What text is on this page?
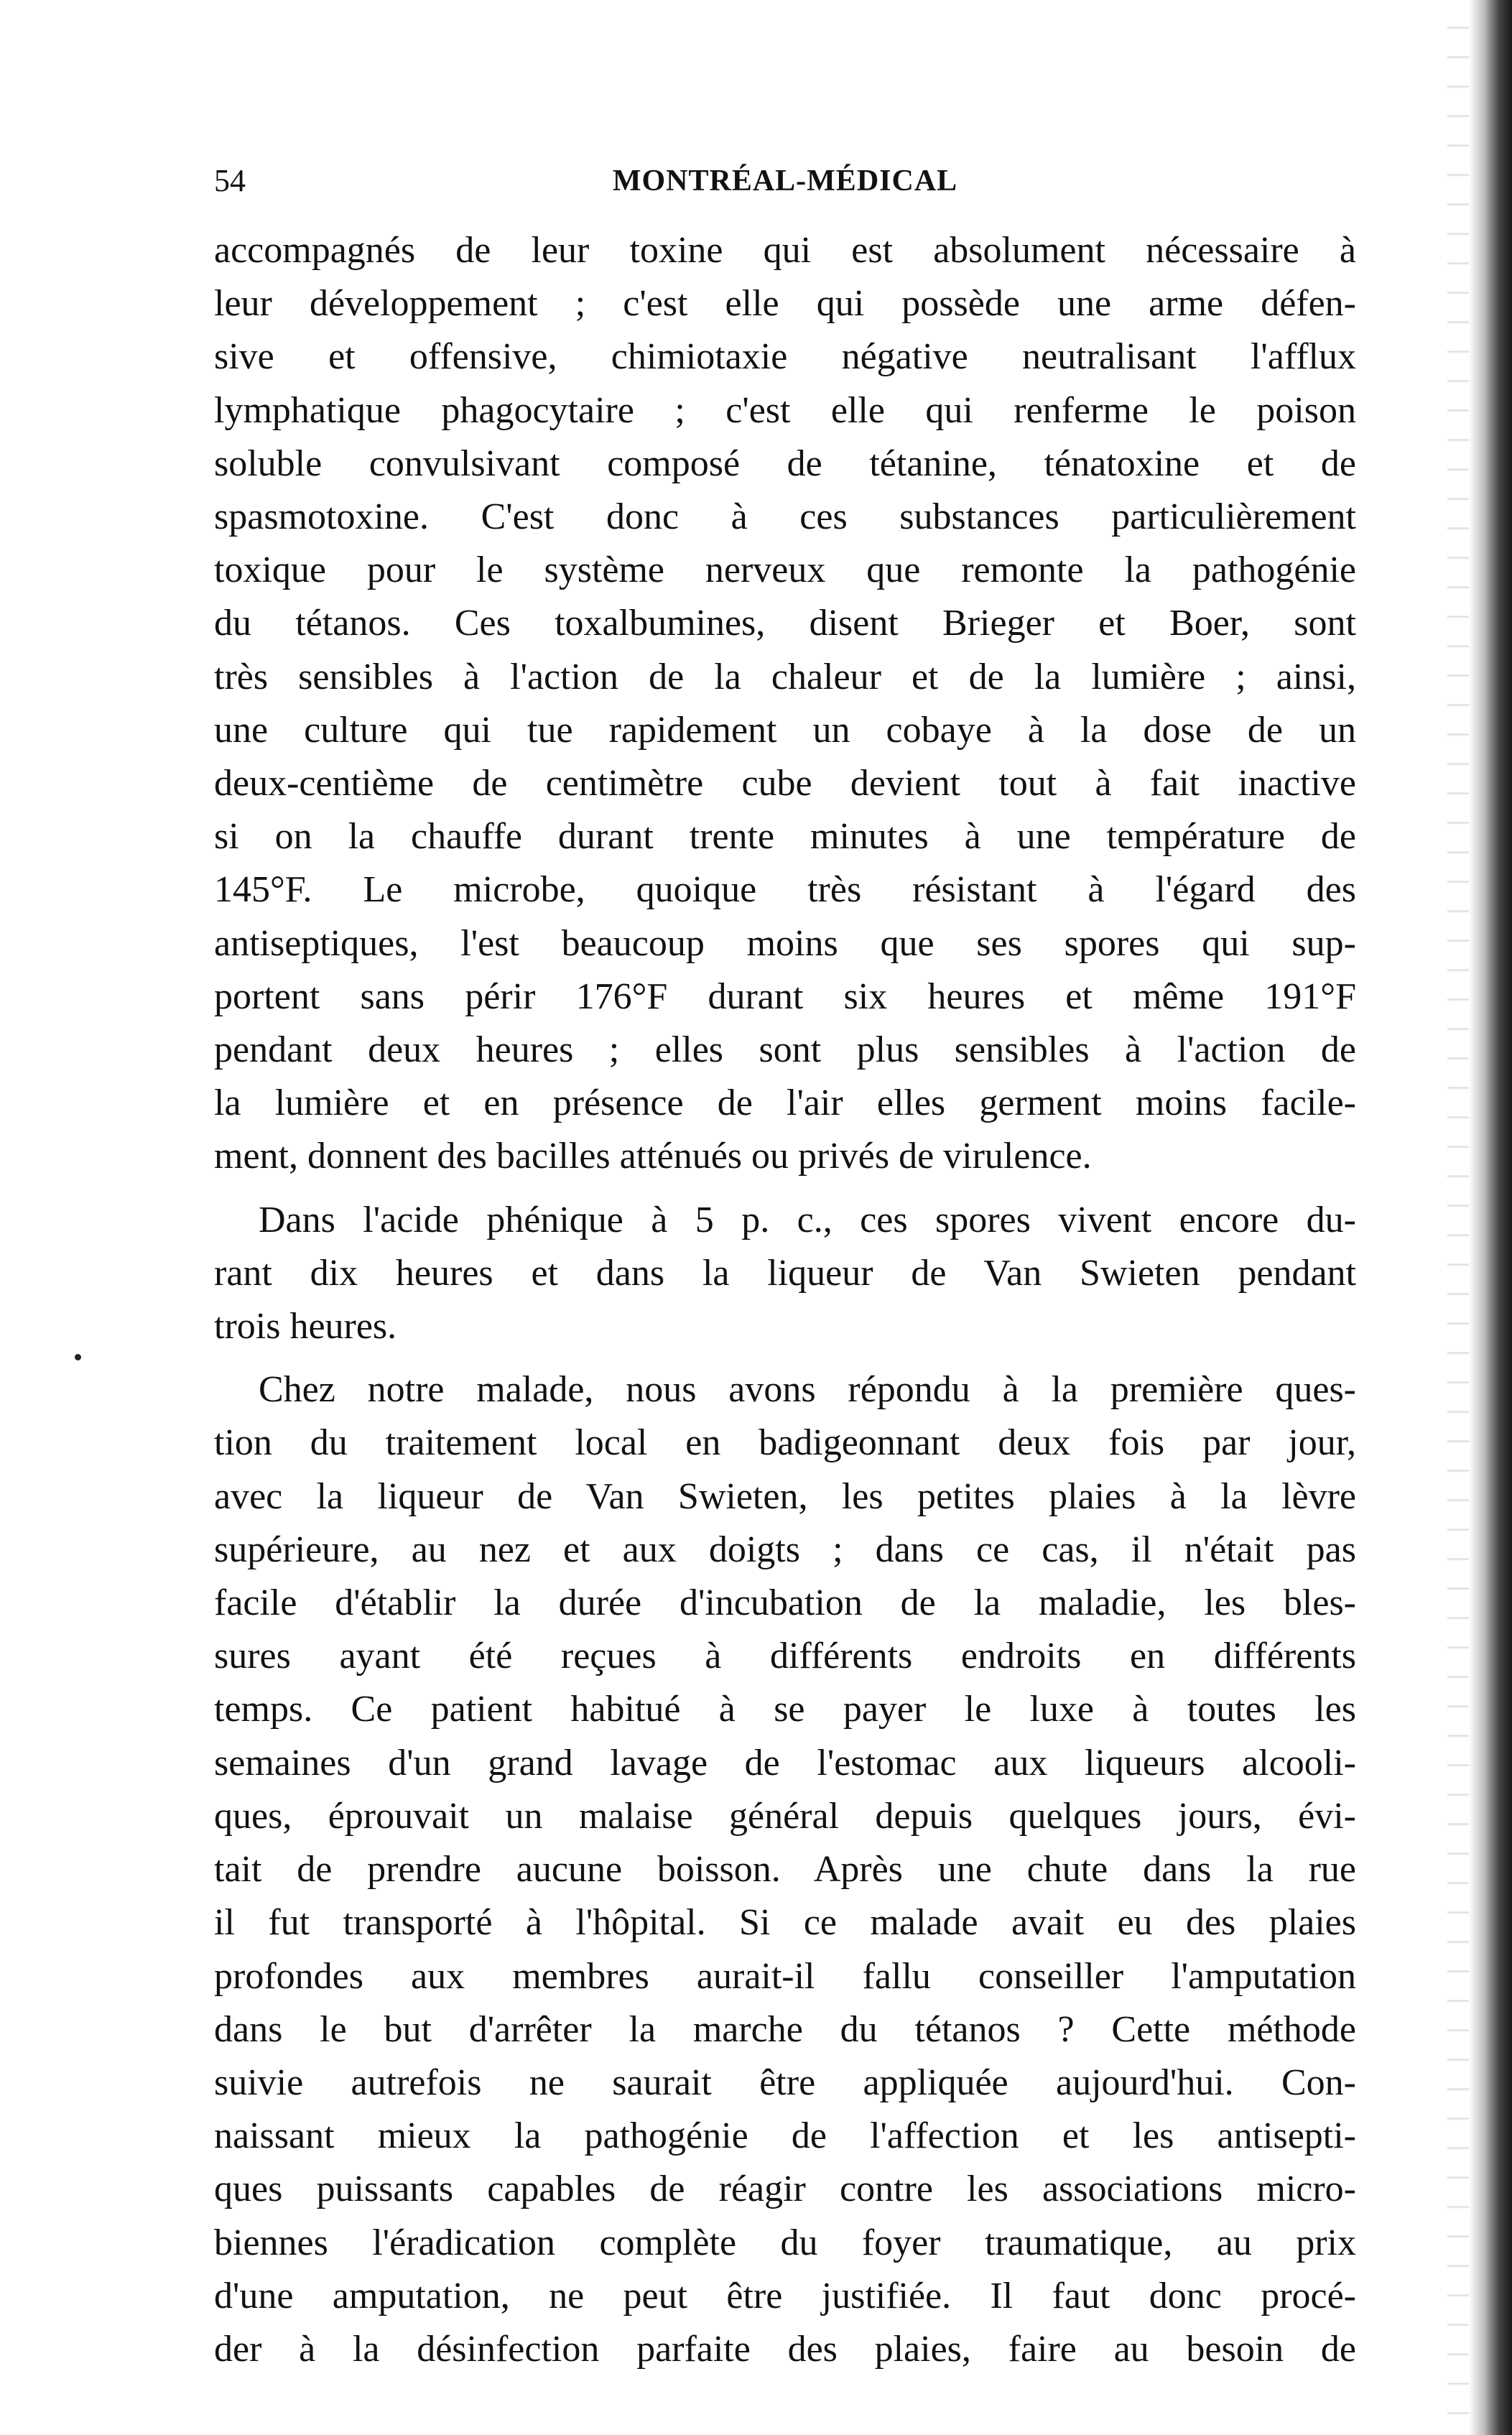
54	MONTRÉAL-MÉDICAL

accompagnés de leur toxine qui est absolument nécessaire à
leur développement ; c'est elle qui possède une arme défen-
sive et offensive, chimiotaxie négative neutralisant l'afflux
lymphatique phagocytaire ; c'est elle qui renferme le poison
soluble convulsivant composé de tétanine, ténatoxine et de
spasmotoxine. C'est donc à ces substances particulièrement
toxique pour le système nerveux que remonte la pathogénie
du tétanos. Ces toxalbumines, disent Brieger et Boer, sont
très sensibles à l'action de la chaleur et de la lumière ; ainsi,
une culture qui tue rapidement un cobaye à la dose de un
deux-centième de centimètre cube devient tout à fait inactive
si on la chauffe durant trente minutes à une température de
145°F. Le microbe, quoique très résistant à l'égard des
antiseptiques, l'est beaucoup moins que ses spores qui sup-
portent sans périr 176°F durant six heures et même 191°F
pendant deux heures ; elles sont plus sensibles à l'action de
la lumière et en présence de l'air elles germent moins facile-
ment, donnent des bacilles atténués ou privés de virulence.

Dans l'acide phénique à 5 p. c., ces spores vivent encore du-
rant dix heures et dans la liqueur de Van Swieten pendant
trois heures.

Chez notre malade, nous avons répondu à la première ques-
tion du traitement local en badigeonnant deux fois par jour,
avec la liqueur de Van Swieten, les petites plaies à la lèvre
supérieure, au nez et aux doigts ; dans ce cas, il n'était pas
facile d'établir la durée d'incubation de la maladie, les bles-
sures ayant été reçues à différents endroits en différents
temps. Ce patient habitué à se payer le luxe à toutes les
semaines d'un grand lavage de l'estomac aux liqueurs alcooli-
ques, éprouvait un malaise général depuis quelques jours, évi-
tait de prendre aucune boisson. Après une chute dans la rue
il fut transporté à l'hôpital. Si ce malade avait eu des plaies
profondes aux membres aurait-il fallu conseiller l'amputation
dans le but d'arrêter la marche du tétanos ? Cette méthode
suivie autrefois ne saurait être appliquée aujourd'hui. Con-
naissant mieux la pathogénie de l'affection et les antisepti-
ques puissants capables de réagir contre les associations micro-
biennes l'éradication complète du foyer traumatique, au prix
d'une amputation, ne peut être justifiée. Il faut donc procé-
der à la désinfection parfaite des plaies, faire au besoin de
